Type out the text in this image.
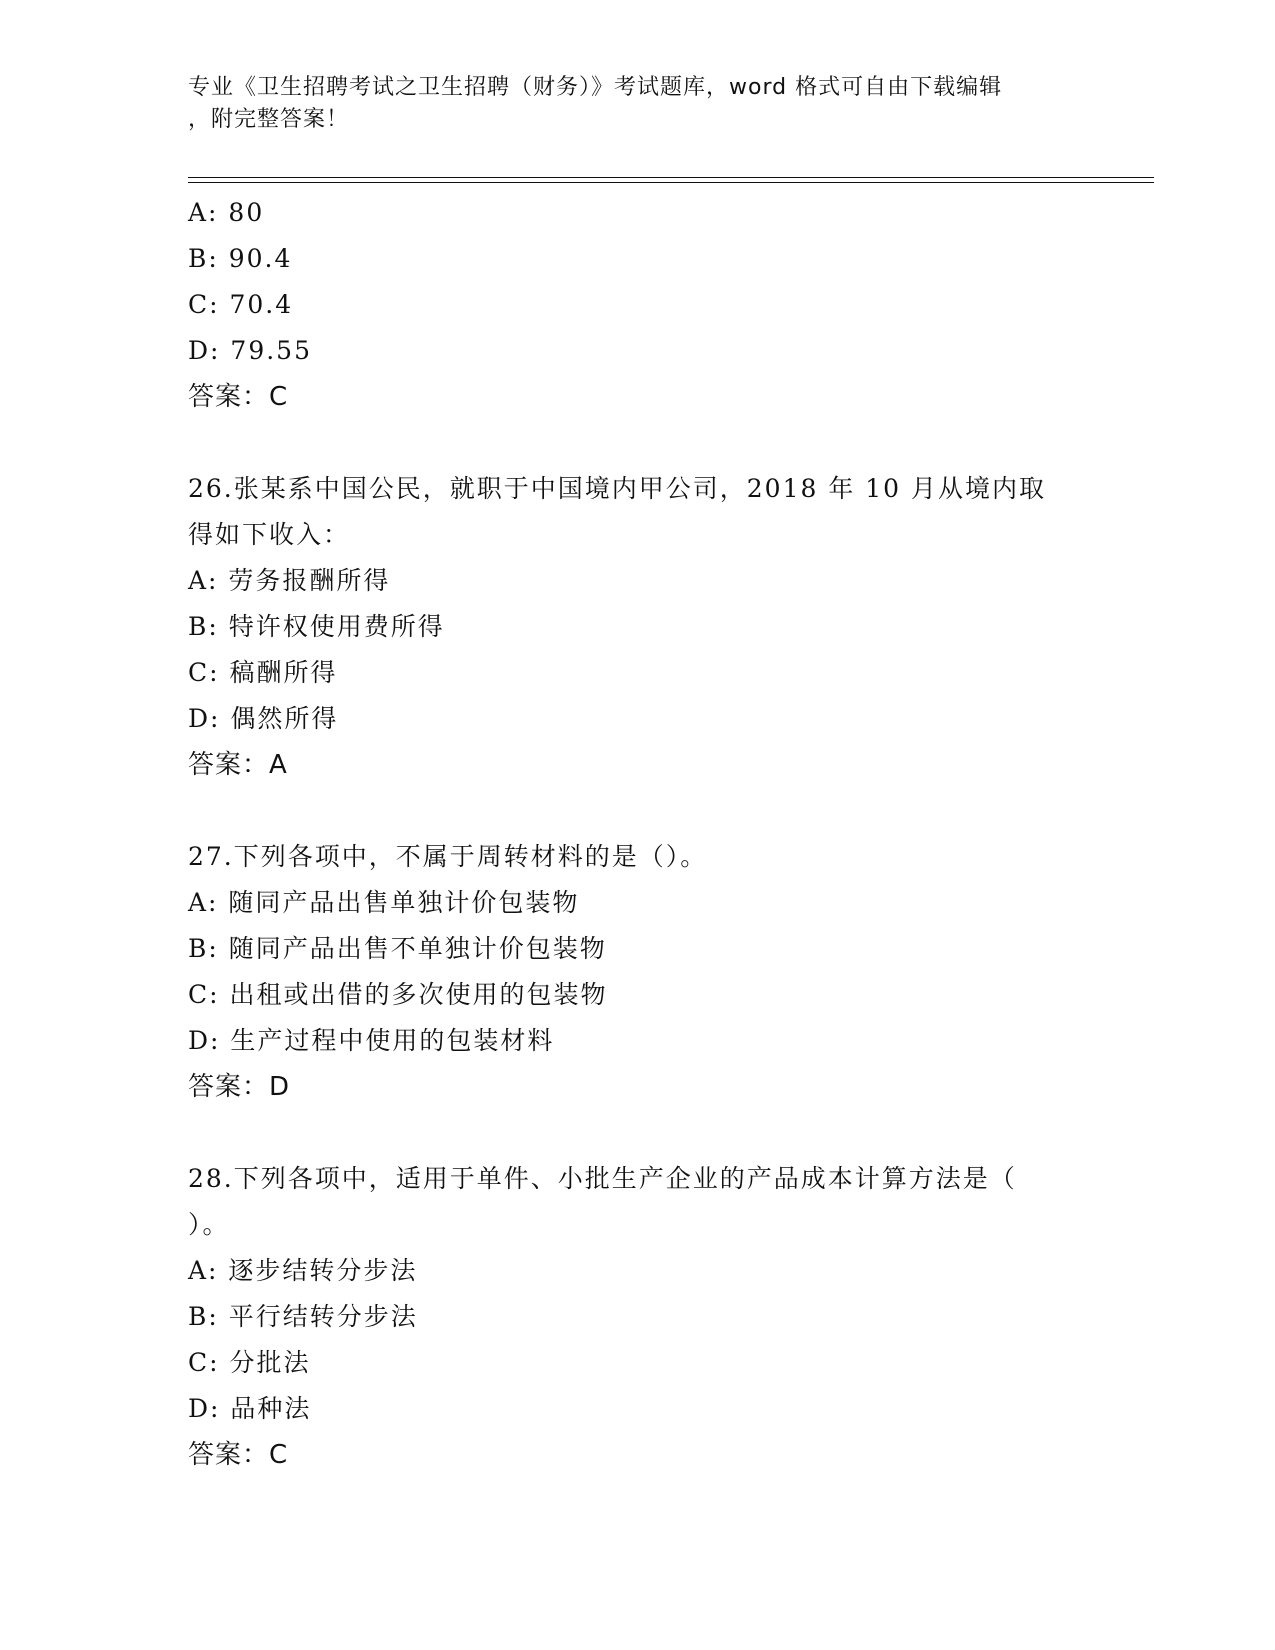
专业《卫生招聘考试之卫生招聘（财务）》考试题库，word 格式可自由下载编辑
，附完整答案！
A: 80
B: 90.4
C: 70.4
D: 79.55
答案：C
26.张某系中国公民，就职于中国境内甲公司，2018 年 10 月从境内取
得如下收入：
A: 劳务报酬所得
B: 特许权使用费所得
C: 稿酬所得
D: 偶然所得
答案：A
27.下列各项中，不属于周转材料的是（）。
A: 随同产品出售单独计价包装物
B: 随同产品出售不单独计价包装物
C: 出租或出借的多次使用的包装物
D: 生产过程中使用的包装材料
答案：D
28.下列各项中，适用于单件、小批生产企业的产品成本计算方法是（
）。
A: 逐步结转分步法
B: 平行结转分步法
C: 分批法
D: 品种法
答案：C
